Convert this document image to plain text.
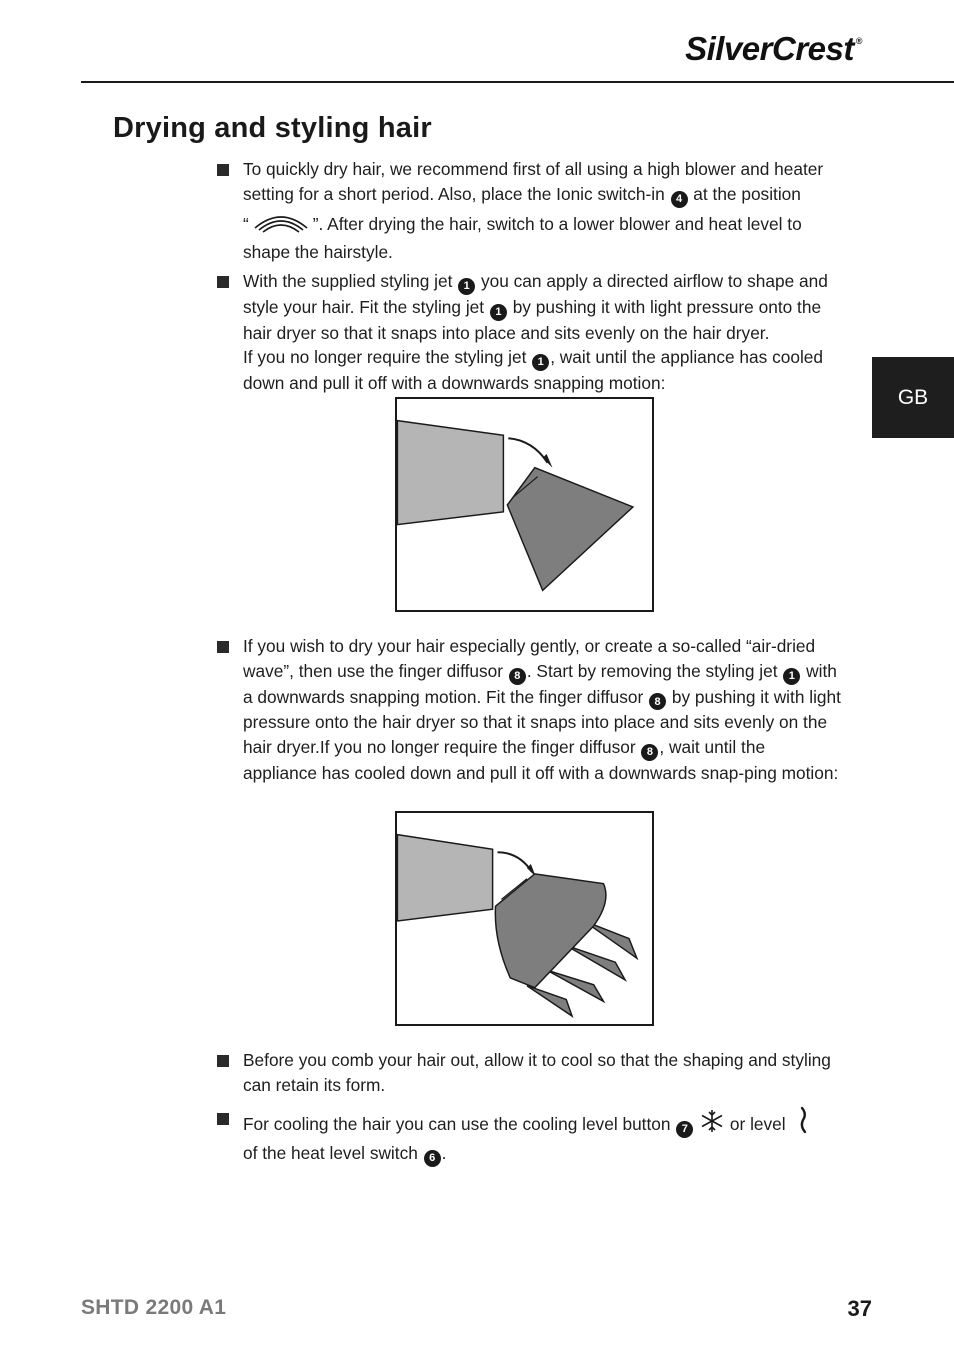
SilverCrest ®
GB
Drying and styling hair
To quickly dry hair, we recommend first of all using a high blower and heater setting for a short period. Also, place the Ionic switch-in 4 at the position
“	”. After drying the hair, switch to a lower blower and heat level to shape the hairstyle.
With the supplied styling jet 1 you can apply a directed airflow to shape and style your hair. Fit the styling jet 1 by pushing it with light pressure onto the hair dryer so that it snaps into place and sits evenly on the hair dryer.
If you no longer require the styling jet 1 , wait until the appliance has cooled down and pull it off with a downwards snapping motion:
If you wish to dry your hair especially gently, or create a so-called “air-dried wave”, then use the finger diffusor 8 . Start by removing the styling jet 1 with a downwards snapping motion. Fit the finger diffusor 8 by pushing it with light pressure onto the hair dryer so that it snaps into place and sits evenly on the hair dryer.If you no longer require the finger diffusor 8 , wait until the appliance has cooled down and pull it off with a downwards snap-ping motion:
Before you comb your hair out, allow it to cool so that the shaping and styling can retain its form.
For cooling the hair you can use the cooling level button 7  or level
of the heat level switch 6 .
SHTD 2200 A1	37
